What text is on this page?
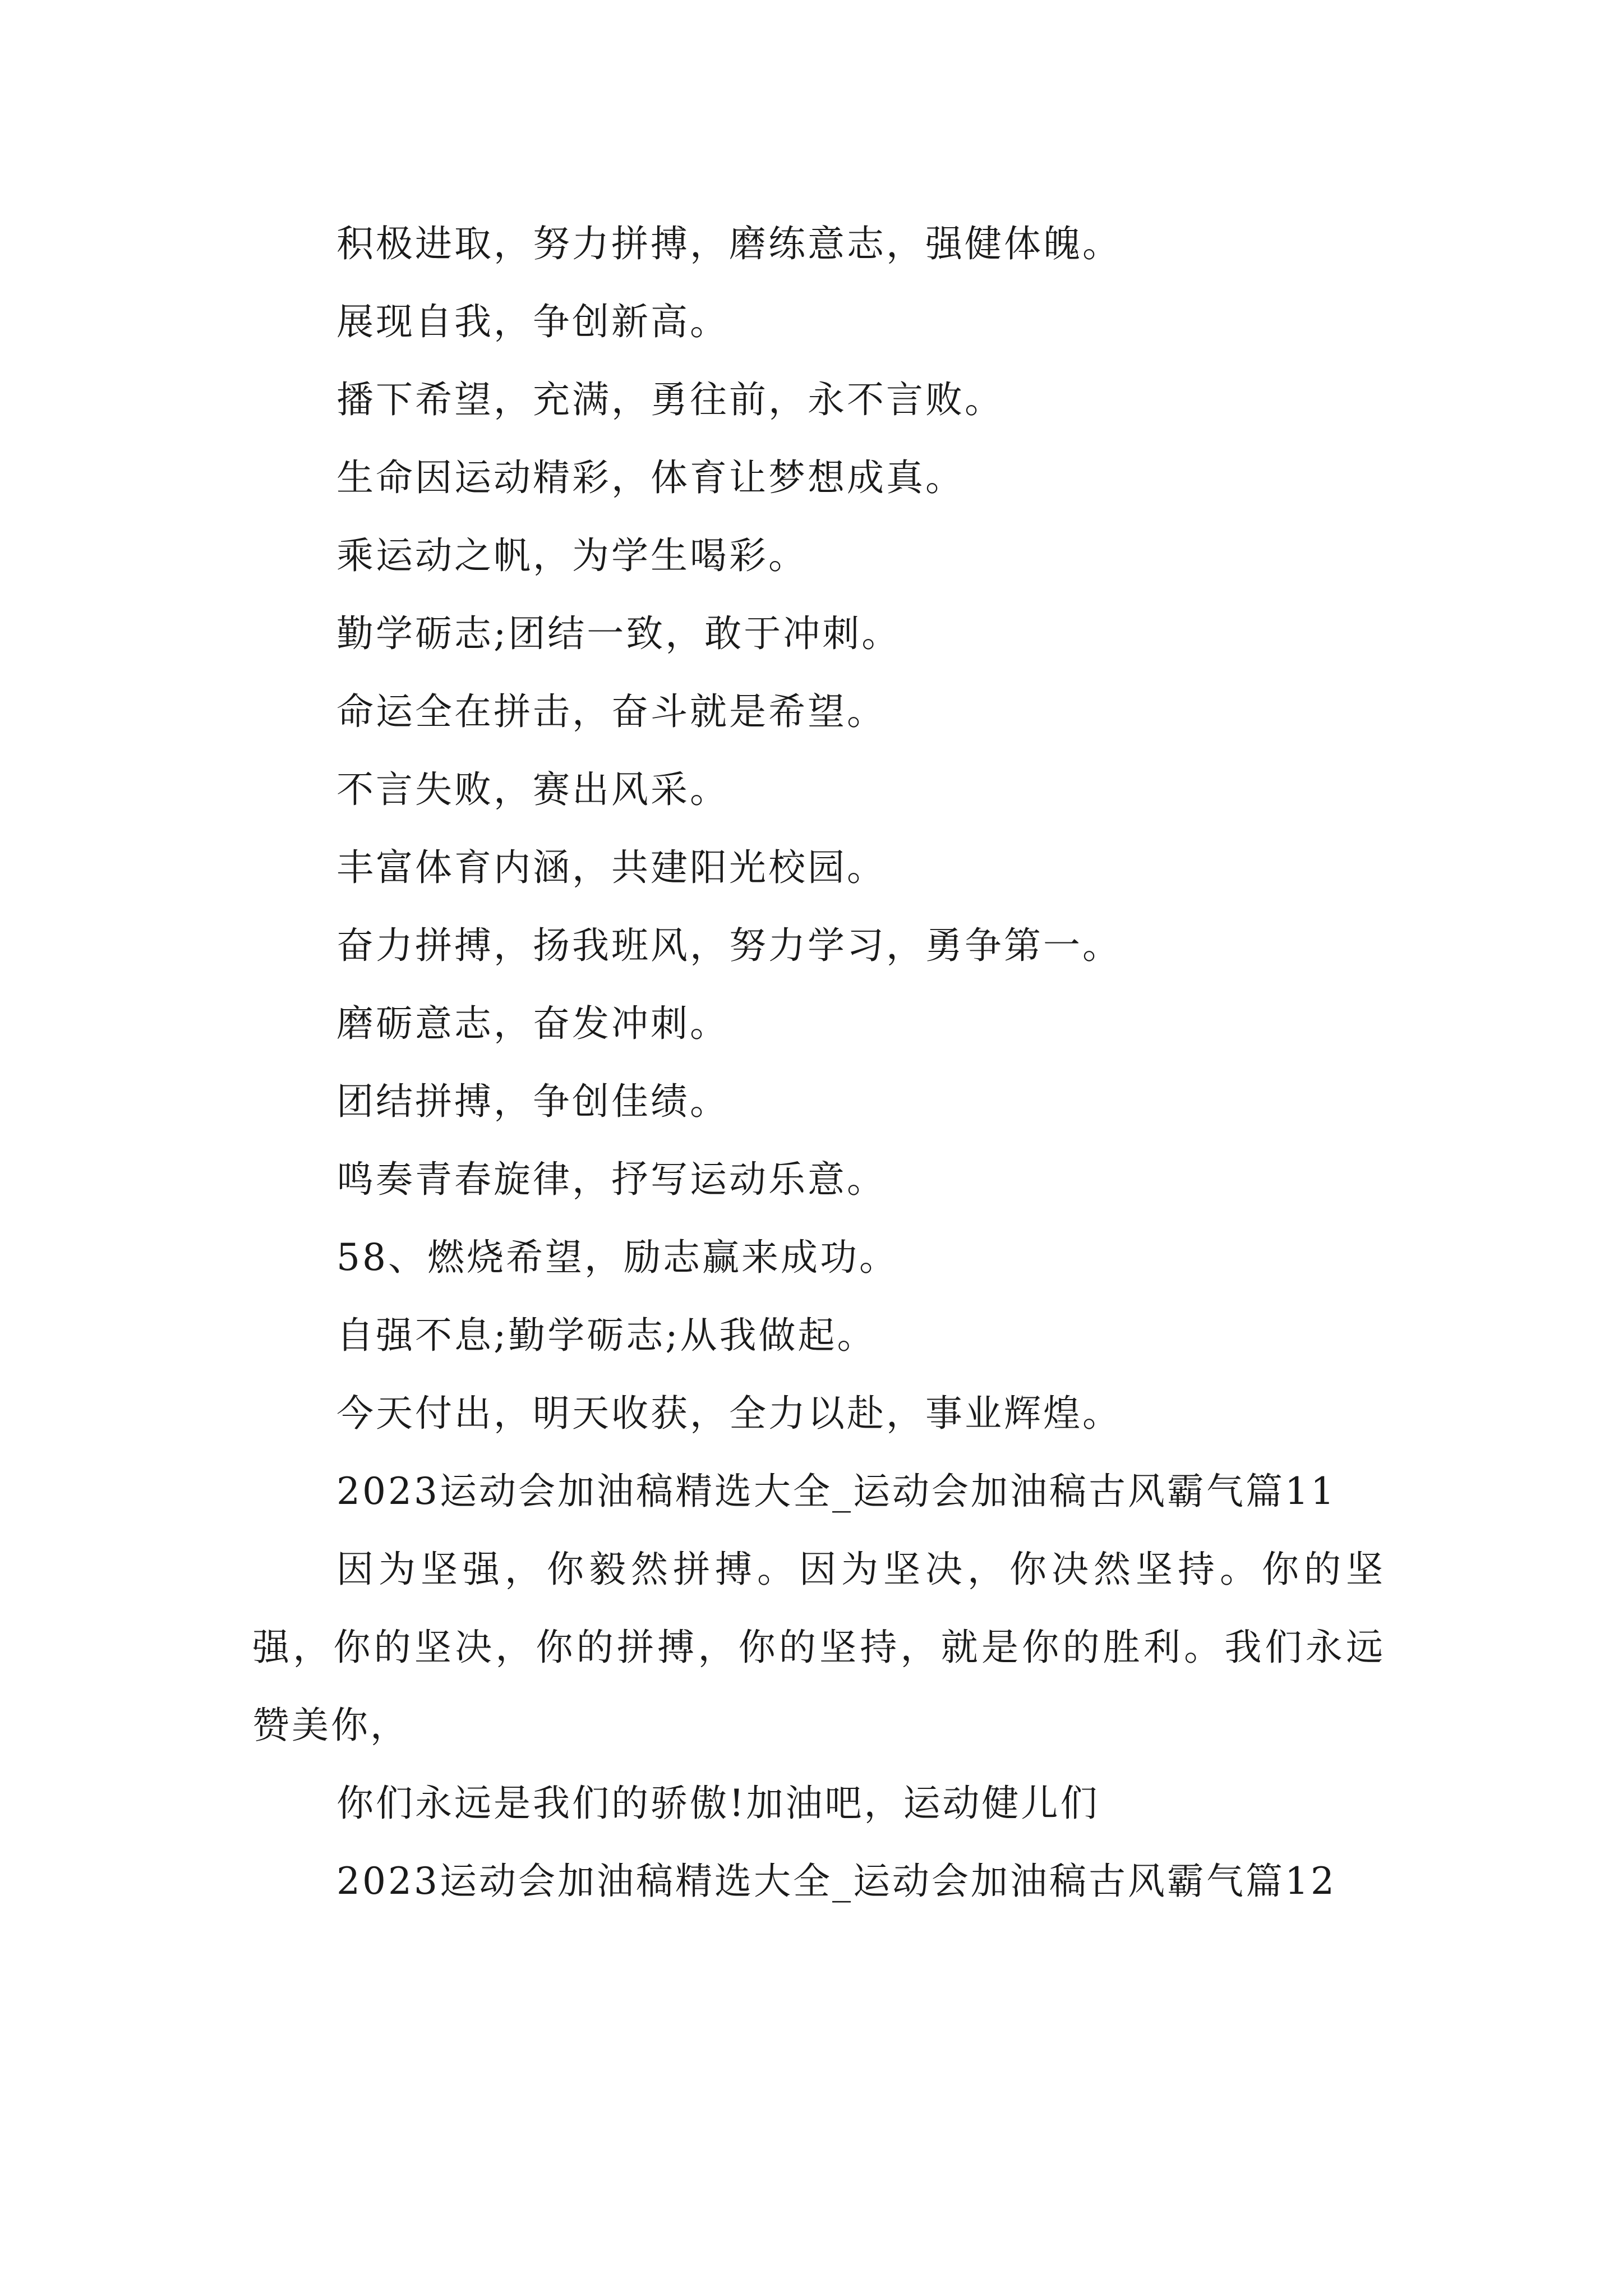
积极进取，努力拼搏，磨练意志，强健体魄。

展现自我，争创新高。

播下希望，充满，勇往前，永不言败。

生命因运动精彩，体育让梦想成真。

乘运动之帆，为学生喝彩。

勤学砺志;团结一致，敢于冲刺。

命运全在拼击，奋斗就是希望。

不言失败，赛出风采。

丰富体育内涵，共建阳光校园。

奋力拼搏，扬我班风，努力学习，勇争第一。

磨砺意志，奋发冲刺。

团结拼搏，争创佳绩。

鸣奏青春旋律，抒写运动乐意。

58、燃烧希望，励志赢来成功。

自强不息;勤学砺志;从我做起。

今天付出，明天收获，全力以赴，事业辉煌。

2023运动会加油稿精选大全_运动会加油稿古风霸气篇11

因为坚强，你毅然拼搏。因为坚决，你决然坚持。你的坚强，你的坚决，你的拼搏，你的坚持，就是你的胜利。我们永远赞美你，

你们永远是我们的骄傲!加油吧，运动健儿们

2023运动会加油稿精选大全_运动会加油稿古风霸气篇12
